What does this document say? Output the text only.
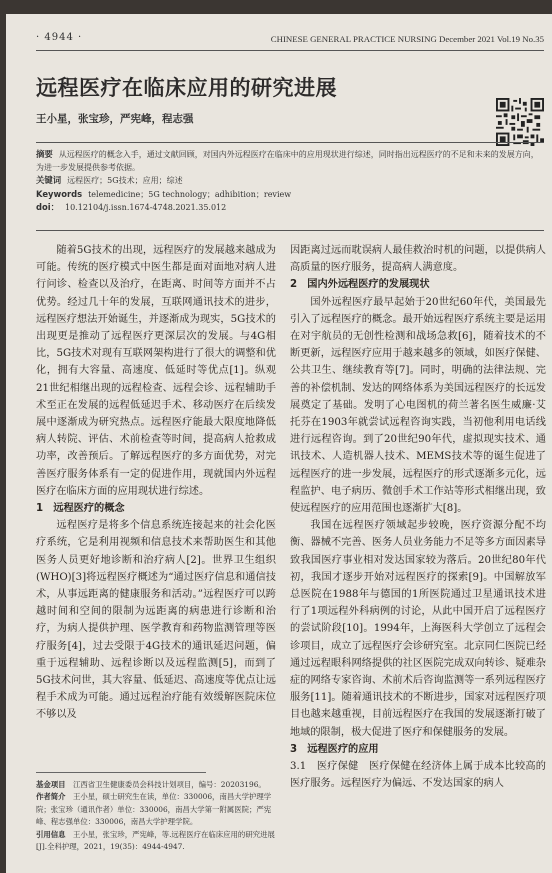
· 4944 ·	CHINESE GENERAL PRACTICE NURSING December 2021 Vol.19 No.35
远程医疗在临床应用的研究进展
王小星，张宝珍，严宪峰，程志强
摘要 从远程医疗的概念入手，通过文献回顾，对国内外远程医疗在临床中的应用现状进行综述，同时指出远程医疗的不足和未来的发展方向，为进一步发展提供参考依据。
关键词 远程医疗；5G技术；应用；综述
Keywords telemedicine；5G technology；adhibition；review
doi： 10.12104/j.issn.1674-4748.2021.35.012

随着5G技术的出现，远程医疗的发展越来越成为可能。传统的医疗模式中医生都是面对面地对病人进行问诊、检查以及治疗，在距离、时间等方面并不占优势。经过几十年的发展，互联网通讯技术的进步，远程医疗想法开始诞生，并逐渐成为现实，5G技术的出现更是推动了远程医疗更深层次的发展。与4G相比，5G技术对现有互联网架构进行了很大的调整和优化，拥有大容量、高速度、低延时等优点[1]。纵观21世纪相继出现的远程检查、远程会诊、远程辅助手术至正在发展的远程低延迟手术、移动医疗在后续发展中逐渐成为研究热点。远程医疗能最大限度地降低病人转院、评估、术前检查等时间，提高病人抢救成功率，改善预后。了解远程医疗的多方面优势，对完善医疗服务体系有一定的促进作用，现就国内外远程医疗在临床方面的应用现状进行综述。

1　远程医疗的概念

远程医疗是将多个信息系统连接起来的社会化医疗系统，它是利用视频和信息技术来帮助医生和其他医务人员更好地诊断和治疗病人[2]。世界卫生组织(WHO)[3]将远程医疗概述为“通过医疗信息和通信技术，从事远距离的健康服务和活动。”远程医疗可以跨越时间和空间的限制为远距离的病患进行诊断和治疗，为病人提供护理、医学教育和药物监测管理等医疗服务[4]，过去受限于4G技术的通讯延迟问题，偏重于远程辅助、远程诊断以及远程监测[5]，而到了5G技术问世，其大容量、低延迟、高速度等优点让远程手术成为可能。通过远程治疗能有效缓解医院床位不够以及

因距离过远而耽误病人最佳救治时机的问题，以提供病人高质量的医疗服务，提高病人满意度。

2　国内外远程医疗的发展现状

国外远程医疗最早起始于20世纪60年代，美国最先引入了远程医疗的概念。最开始远程医疗系统主要是运用在对宇航员的无创性检测和战场急救[6]，随着技术的不断更新，远程医疗应用于越来越多的领域，如医疗保健、公共卫生、继续教育等[7]。同时，明确的法律法规、完善的补偿机制、发达的网络体系为美国远程医疗的长远发展奠定了基础。发明了心电图机的荷兰著名医生威廉·艾托芬在1903年就尝试远程咨询实践，当初他利用电话线进行远程咨询。到了20世纪90年代，虚拟现实技术、通讯技术、人造机器人技术、MEMS技术等的诞生促进了远程医疗的进一步发展，远程医疗的形式逐渐多元化，远程监护、电子病历、微创手术工作站等形式相继出现，致使远程医疗的应用范围也逐渐扩大[8]。

我国在远程医疗领域起步较晚，医疗资源分配不均衡、器械不完善、医务人员业务能力不足等多方面因素导致我国医疗事业相对发达国家较为落后。20世纪80年代初，我国才逐步开始对远程医疗的探索[9]。中国解放军总医院在1988年与德国的1所医院通过卫星通讯技术进行了1项远程外科病例的讨论，从此中国开启了远程医疗的尝试阶段[10]。1994年，上海医科大学创立了远程会诊项目，成立了远程医疗会诊研究室。北京同仁医院已经通过远程眼科网络提供的社区医院完成双向转诊、疑难杂症的网络专家咨询、术前术后咨询监测等一系列远程医疗服务[11]。随着通讯技术的不断进步，国家对远程医疗项目也越来越重视，目前远程医疗在我国的发展逐渐打破了地域的限制，极大促进了医疗和保健服务的发展。

3　远程医疗的应用

3.1　医疗保健　医疗保健在经济体上属于成本比较高的医疗服务。远程医疗为偏远、不发达国家的病人

基金项目　 江西省卫生健康委员会科技计划项目，编号：20203196。
作者简介　 王小星，硕士研究生在读，单位：330006，南昌大学护理学院；张宝珍（通讯作者）单位：330006，南昌大学第一附属医院；严宪峰、程志强单位：330006，南昌大学护理学院。
引用信息　 王小星，张宝珍，严宪峰，等.远程医疗在临床应用的研究进展[J].全科护理，2021，19(35)：4944-4947.
